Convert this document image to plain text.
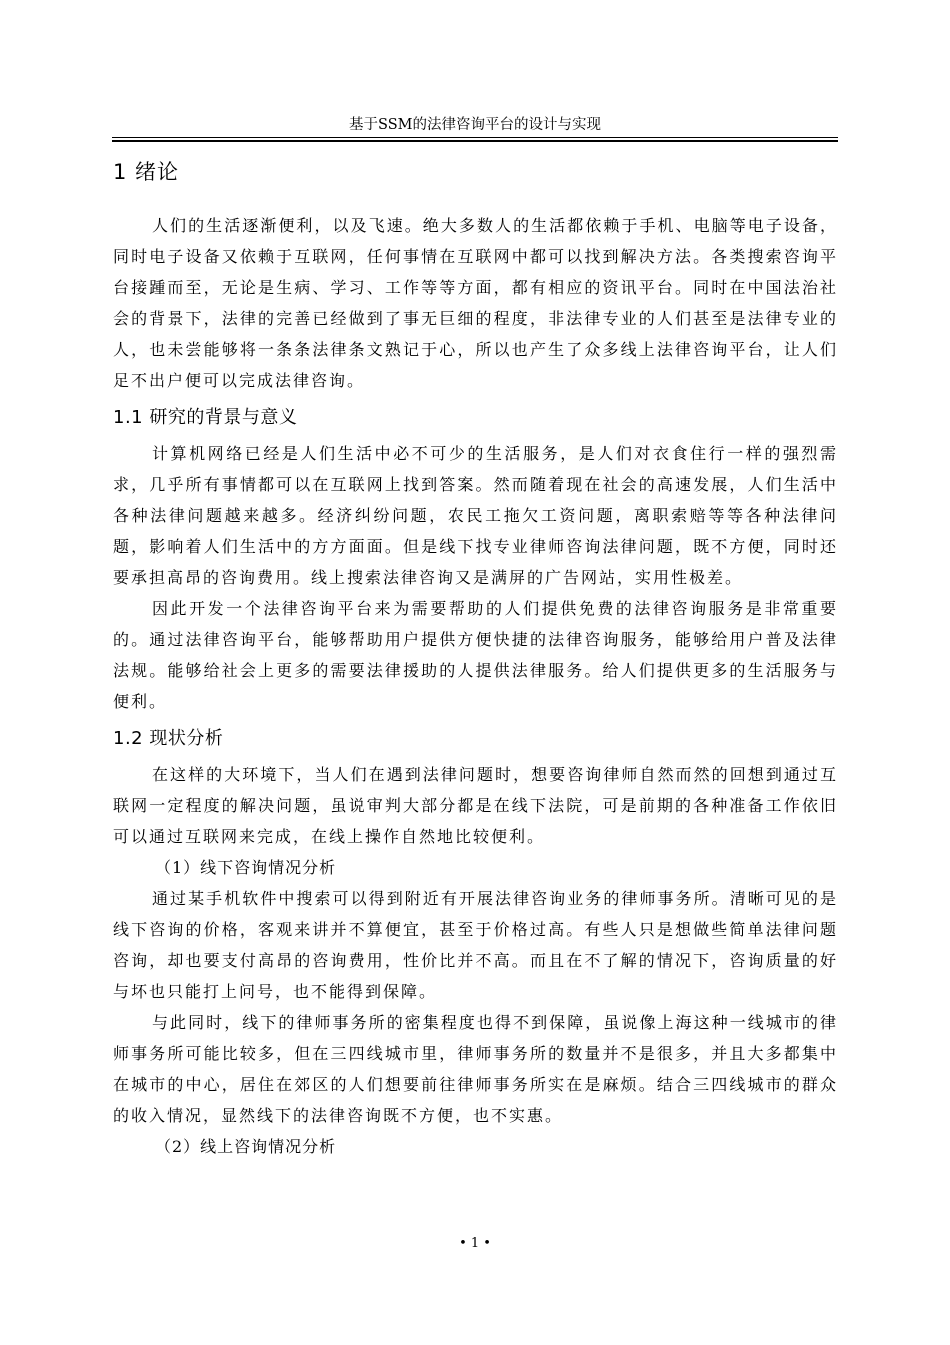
基于SSM的法律咨询平台的设计与实现
1 绪论

人们的生活逐渐便利，以及飞速。绝大多数人的生活都依赖于手机、电脑等电子设备，同时电子设备又依赖于互联网，任何事情在互联网中都可以找到解决方法。各类搜索咨询平台接踵而至，无论是生病、学习、工作等等方面，都有相应的资讯平台。同时在中国法治社会的背景下，法律的完善已经做到了事无巨细的程度，非法律专业的人们甚至是法律专业的人，也未尝能够将一条条法律条文熟记于心，所以也产生了众多线上法律咨询平台，让人们足不出户便可以完成法律咨询。

1.1 研究的背景与意义

计算机网络已经是人们生活中必不可少的生活服务，是人们对衣食住行一样的强烈需求，几乎所有事情都可以在互联网上找到答案。然而随着现在社会的高速发展，人们生活中各种法律问题越来越多。经济纠纷问题，农民工拖欠工资问题，离职索赔等等各种法律问题，影响着人们生活中的方方面面。但是线下找专业律师咨询法律问题，既不方便，同时还要承担高昂的咨询费用。线上搜索法律咨询又是满屏的广告网站，实用性极差。

因此开发一个法律咨询平台来为需要帮助的人们提供免费的法律咨询服务是非常重要的。通过法律咨询平台，能够帮助用户提供方便快捷的法律咨询服务，能够给用户普及法律法规。能够给社会上更多的需要法律援助的人提供法律服务。给人们提供更多的生活服务与便利。

1.2 现状分析

在这样的大环境下，当人们在遇到法律问题时，想要咨询律师自然而然的回想到通过互联网一定程度的解决问题，虽说审判大部分都是在线下法院，可是前期的各种准备工作依旧可以通过互联网来完成，在线上操作自然地比较便利。

（1）线下咨询情况分析

通过某手机软件中搜索可以得到附近有开展法律咨询业务的律师事务所。清晰可见的是线下咨询的价格，客观来讲并不算便宜，甚至于价格过高。有些人只是想做些简单法律问题咨询，却也要支付高昂的咨询费用，性价比并不高。而且在不了解的情况下，咨询质量的好与坏也只能打上问号，也不能得到保障。

与此同时，线下的律师事务所的密集程度也得不到保障，虽说像上海这种一线城市的律师事务所可能比较多，但在三四线城市里，律师事务所的数量并不是很多，并且大多都集中在城市的中心，居住在郊区的人们想要前往律师事务所实在是麻烦。结合三四线城市的群众的收入情况，显然线下的法律咨询既不方便，也不实惠。

（2）线上咨询情况分析

• 1 •
